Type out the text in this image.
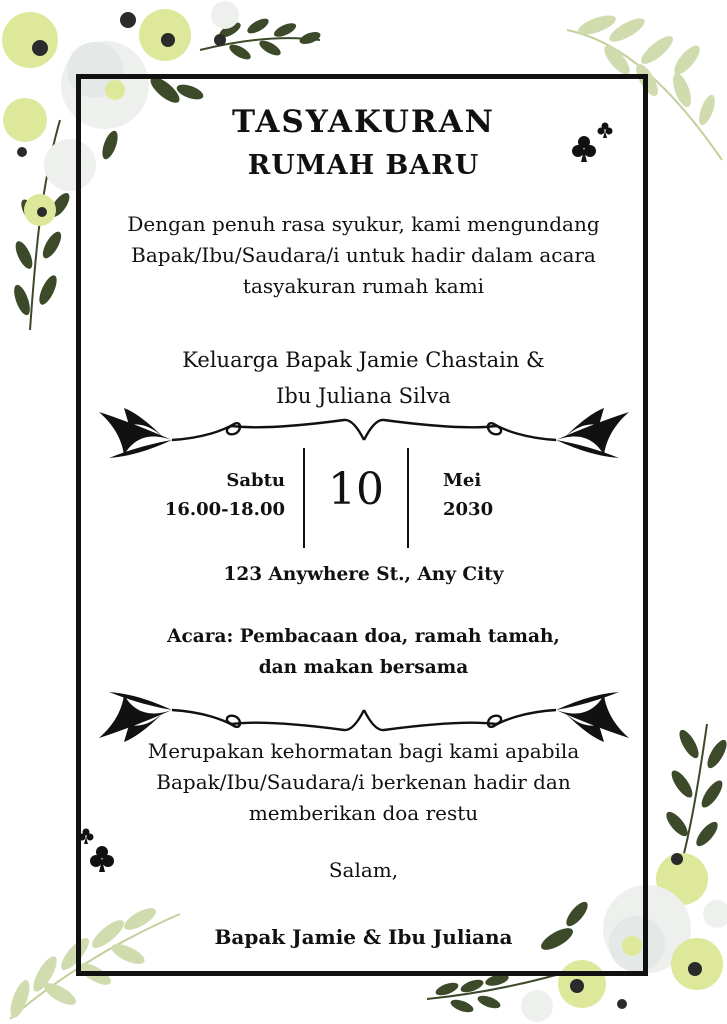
TASYAKURAN
RUMAH BARU
Dengan penuh rasa syukur, kami mengundang
Bapak/Ibu/Saudara/i untuk hadir dalam acara
tasyakuran rumah kami
Keluarga Bapak Jamie Chastain &
Ibu Juliana Silva
Sabtu
16.00-18.00 10	Mei
2030
123 Anywhere St., Any City
Acara: Pembacaan doa, ramah tamah,
dan makan bersama
Merupakan kehormatan bagi kami apabila
Bapak/Ibu/Saudara/i berkenan hadir dan
memberikan doa restu
Salam,
Bapak Jamie & Ibu Juliana
